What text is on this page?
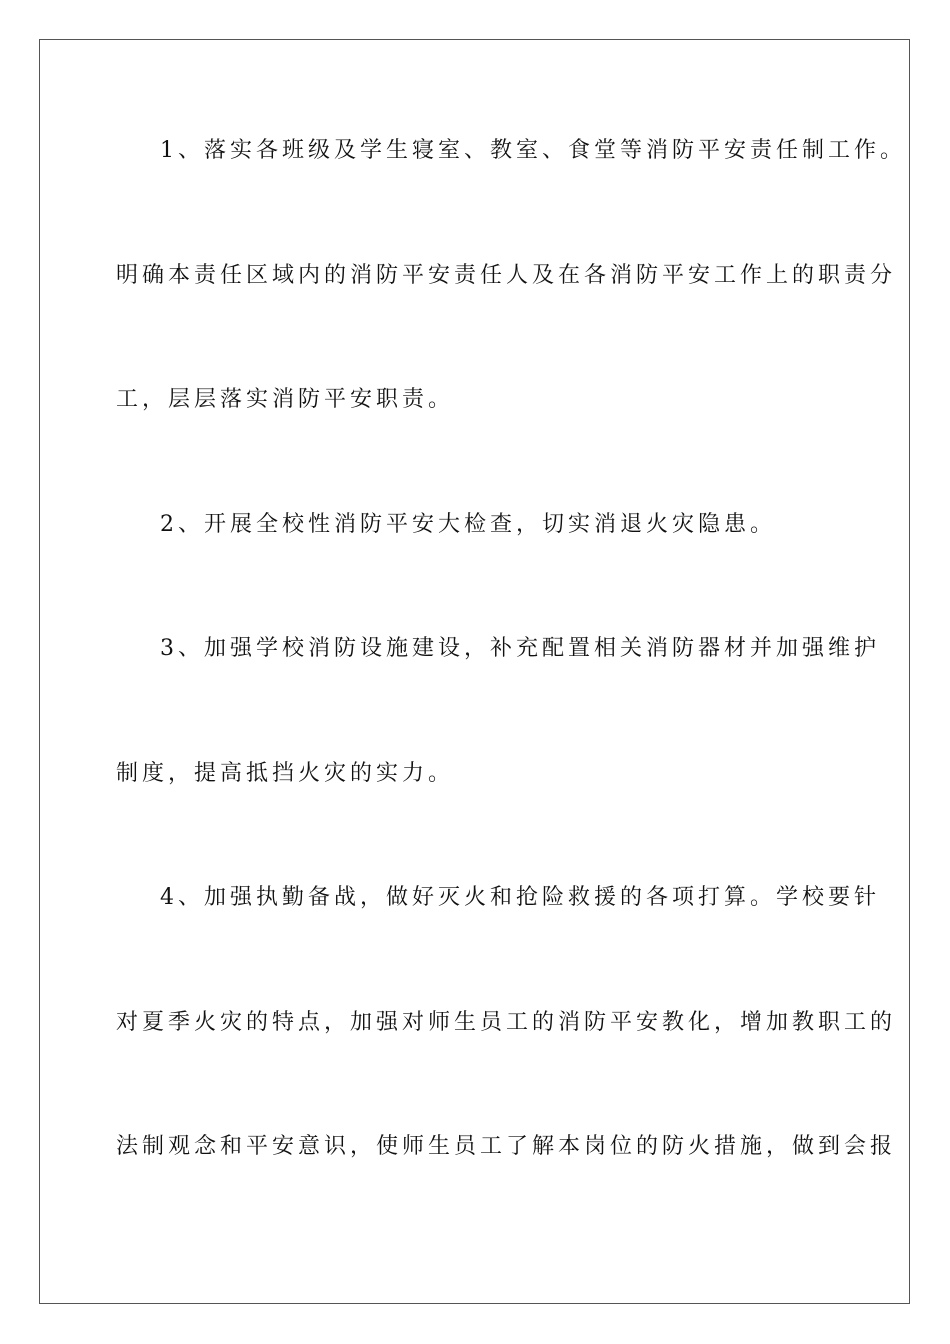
1、落实各班级及学生寝室、教室、食堂等消防平安责任制工作。
明确本责任区域内的消防平安责任人及在各消防平安工作上的职责分
工，层层落实消防平安职责。
2、开展全校性消防平安大检查，切实消退火灾隐患。
3、加强学校消防设施建设，补充配置相关消防器材并加强维护
制度，提高抵挡火灾的实力。
4、加强执勤备战，做好灭火和抢险救援的各项打算。学校要针
对夏季火灾的特点，加强对师生员工的消防平安教化，增加教职工的
法制观念和平安意识，使师生员工了解本岗位的防火措施，做到会报
